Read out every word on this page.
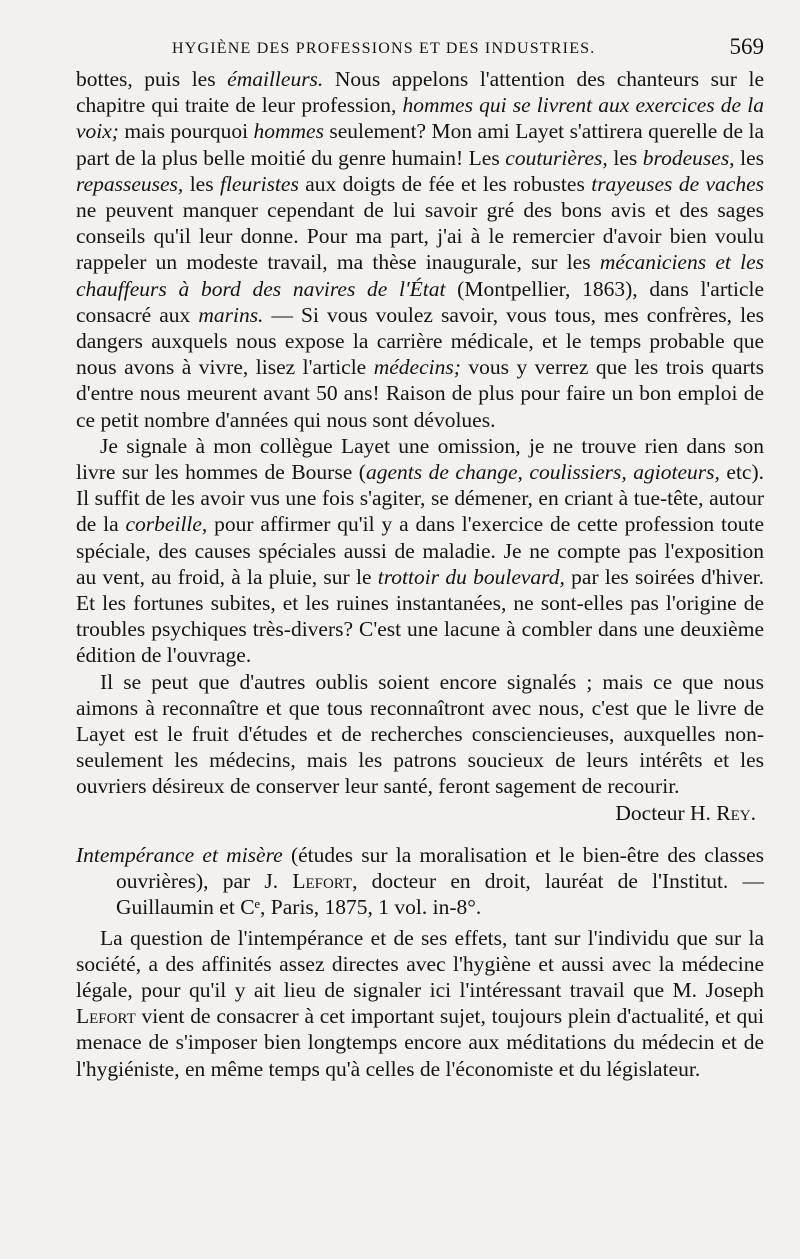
HYGIÈNE DES PROFESSIONS ET DES INDUSTRIES.	569

bottes, puis les émailleurs. Nous appelons l'attention des chanteurs sur le chapitre qui traite de leur profession, hommes qui se livrent aux exercices de la voix; mais pourquoi hommes seulement? Mon ami Layet s'attirera querelle de la part de la plus belle moitié du genre humain! Les couturières, les brodeuses, les repasseuses, les fleuristes aux doigts de fée et les robustes trayeuses de vaches ne peuvent manquer cependant de lui savoir gré des bons avis et des sages conseils qu'il leur donne. Pour ma part, j'ai à le remercier d'avoir bien voulu rappeler un modeste travail, ma thèse inaugurale, sur les mécaniciens et les chauffeurs à bord des navires de l'État (Montpellier, 1863), dans l'article consacré aux marins. — Si vous voulez savoir, vous tous, mes confrères, les dangers auxquels nous expose la carrière médicale, et le temps probable que nous avons à vivre, lisez l'article médecins; vous y verrez que les trois quarts d'entre nous meurent avant 50 ans! Raison de plus pour faire un bon emploi de ce petit nombre d'années qui nous sont dévolues.

Je signale à mon collègue Layet une omission, je ne trouve rien dans son livre sur les hommes de Bourse (agents de change, coulissiers, agioteurs, etc). Il suffit de les avoir vus une fois s'agiter, se démener, en criant à tue-tête, autour de la corbeille, pour affirmer qu'il y a dans l'exercice de cette profession toute spéciale, des causes spéciales aussi de maladie. Je ne compte pas l'exposition au vent, au froid, à la pluie, sur le trottoir du boulevard, par les soirées d'hiver. Et les fortunes subites, et les ruines instantanées, ne sont-elles pas l'origine de troubles psychiques très-divers? C'est une lacune à combler dans une deuxième édition de l'ouvrage.

Il se peut que d'autres oublis soient encore signalés ; mais ce que nous aimons à reconnaître et que tous reconnaîtront avec nous, c'est que le livre de Layet est le fruit d'études et de recherches consciencieuses, auxquelles non-seulement les médecins, mais les patrons soucieux de leurs intérêts et les ouvriers désireux de conserver leur santé, feront sagement de recourir.

Docteur H. Rey.

Intempérance et misère (études sur la moralisation et le bien-être des classes ouvrières), par J. Lefort, docteur en droit, lauréat de l'Institut. — Guillaumin et Cᵉ, Paris, 1875, 1 vol. in-8°.

La question de l'intempérance et de ses effets, tant sur l'individu que sur la société, a des affinités assez directes avec l'hygiène et aussi avec la médecine légale, pour qu'il y ait lieu de signaler ici l'intéressant travail que M. Joseph Lefort vient de consacrer à cet important sujet, toujours plein d'actualité, et qui menace de s'imposer bien longtemps encore aux méditations du médecin et de l'hygiéniste, en même temps qu'à celles de l'économiste et du législateur.
